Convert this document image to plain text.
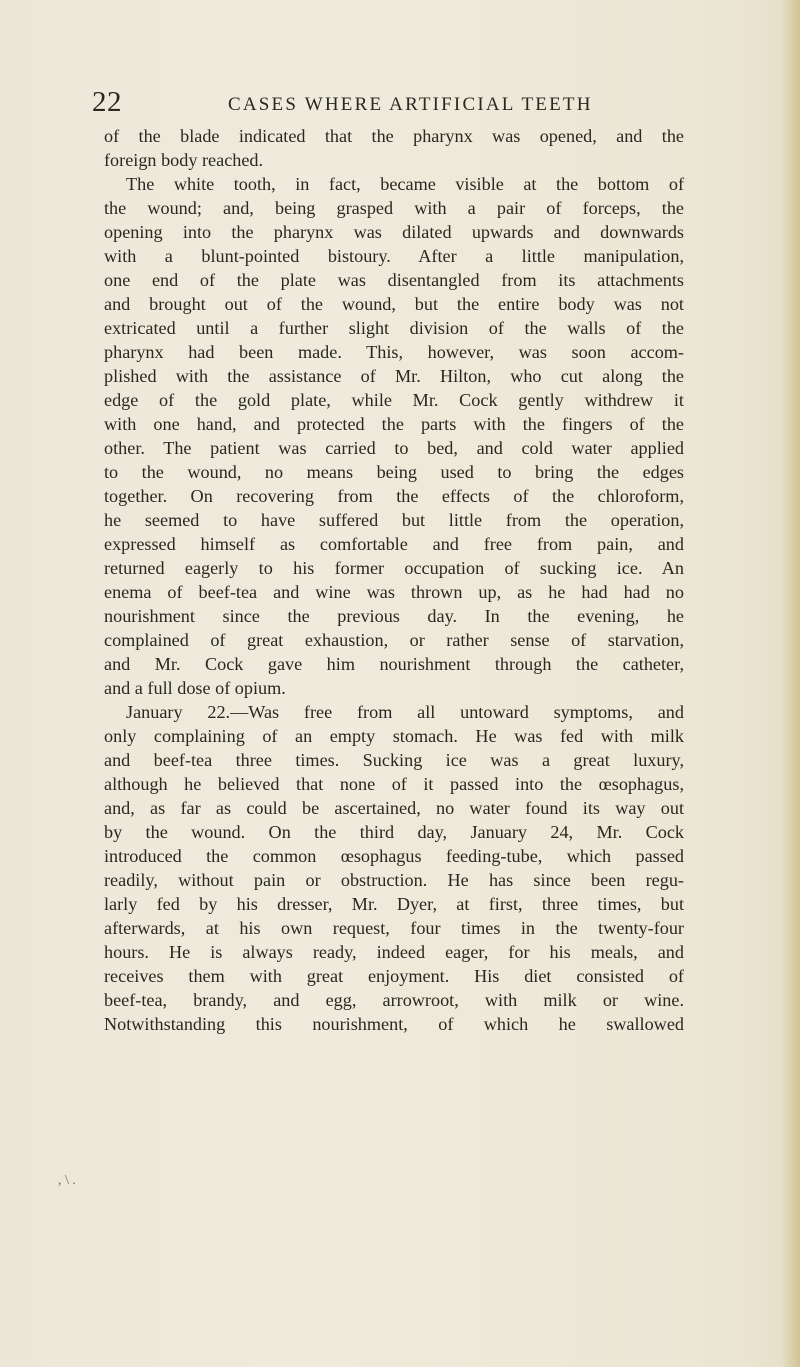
22	CASES WHERE ARTIFICIAL TEETH
of the blade indicated that the pharynx was opened, and the
foreign body reached.
The white tooth, in fact, became visible at the bottom of
the wound; and, being grasped with a pair of forceps, the
opening into the pharynx was dilated upwards and downwards
with a blunt-pointed bistoury. After a little manipulation,
one end of the plate was disentangled from its attachments
and brought out of the wound, but the entire body was not
extricated until a further slight division of the walls of the
pharynx had been made. This, however, was soon accom-
plished with the assistance of Mr. Hilton, who cut along the
edge of the gold plate, while Mr. Cock gently withdrew it
with one hand, and protected the parts with the fingers of the
other. The patient was carried to bed, and cold water applied
to the wound, no means being used to bring the edges
together. On recovering from the effects of the chloroform,
he seemed to have suffered but little from the operation,
expressed himself as comfortable and free from pain, and
returned eagerly to his former occupation of sucking ice. An
enema of beef-tea and wine was thrown up, as he had had no
nourishment since the previous day. In the evening, he
complained of great exhaustion, or rather sense of starvation,
and Mr. Cock gave him nourishment through the catheter,
and a full dose of opium.
January 22.—Was free from all untoward symptoms, and
only complaining of an empty stomach. He was fed with milk
and beef-tea three times. Sucking ice was a great luxury,
although he believed that none of it passed into the œsophagus,
and, as far as could be ascertained, no water found its way out
by the wound. On the third day, January 24, Mr. Cock
introduced the common œsophagus feeding-tube, which passed
readily, without pain or obstruction. He has since been regu-
larly fed by his dresser, Mr. Dyer, at first, three times, but
afterwards, at his own request, four times in the twenty-four
hours. He is always ready, indeed eager, for his meals, and
receives them with great enjoyment. His diet consisted of
beef-tea, brandy, and egg, arrowroot, with milk or wine.
Notwithstanding this nourishment, of which he swallowed
, \ .
